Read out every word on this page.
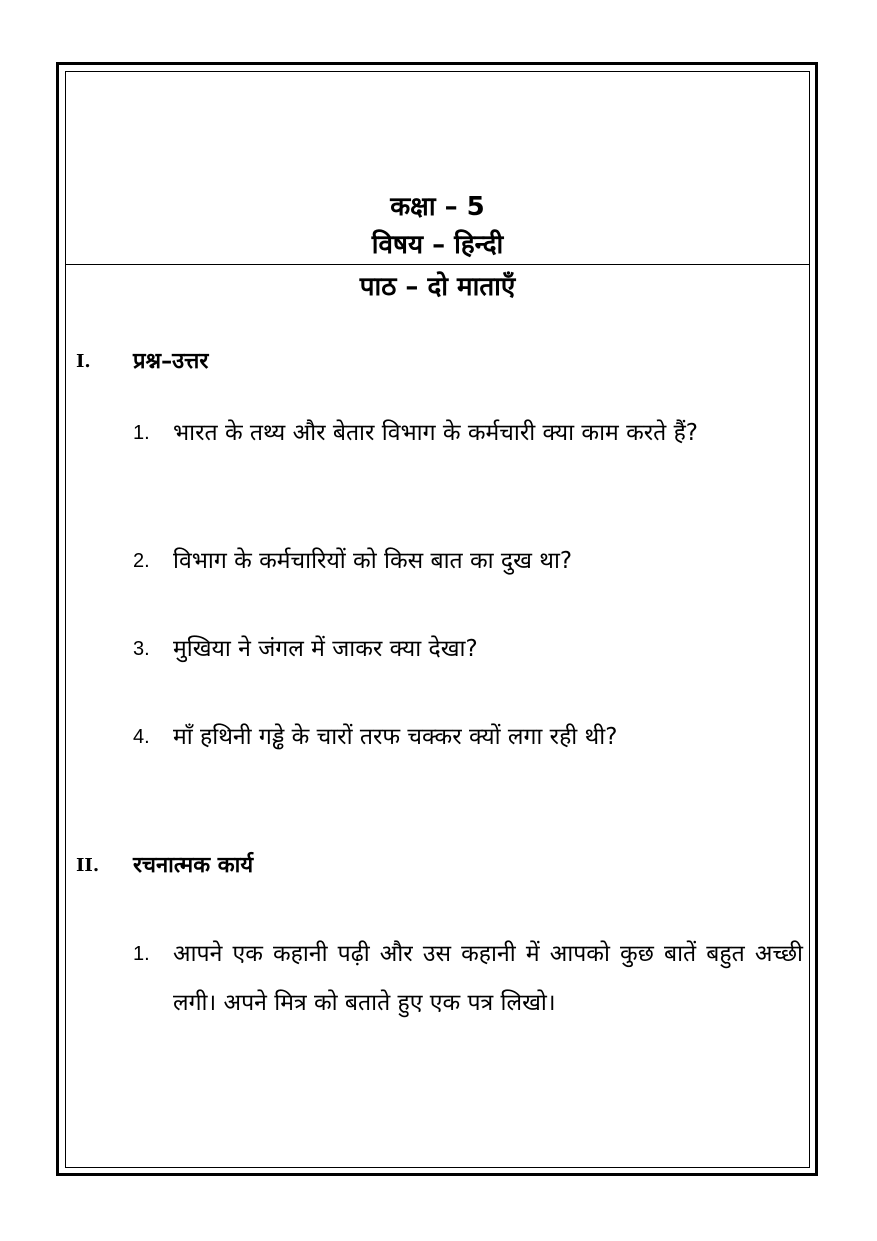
कक्षा – 5
विषय – हिन्दी
पाठ – दो माताएँ
I. प्रश्न–उत्तर
1. भारत के तथ्य और बेतार विभाग के कर्मचारी क्या काम करते हैं?
2. विभाग के कर्मचारियों को किस बात का दुख था?
3. मुखिया ने जंगल में जाकर क्या देखा?
4. माँ हथिनी गड्ढे के चारों तरफ चक्कर क्यों लगा रही थी?
II. रचनात्मक कार्य
1. आपने एक कहानी पढ़ी और उस कहानी में आपको कुछ बातें बहुत अच्छी लगी। अपने मित्र को बताते हुए एक पत्र लिखो।
